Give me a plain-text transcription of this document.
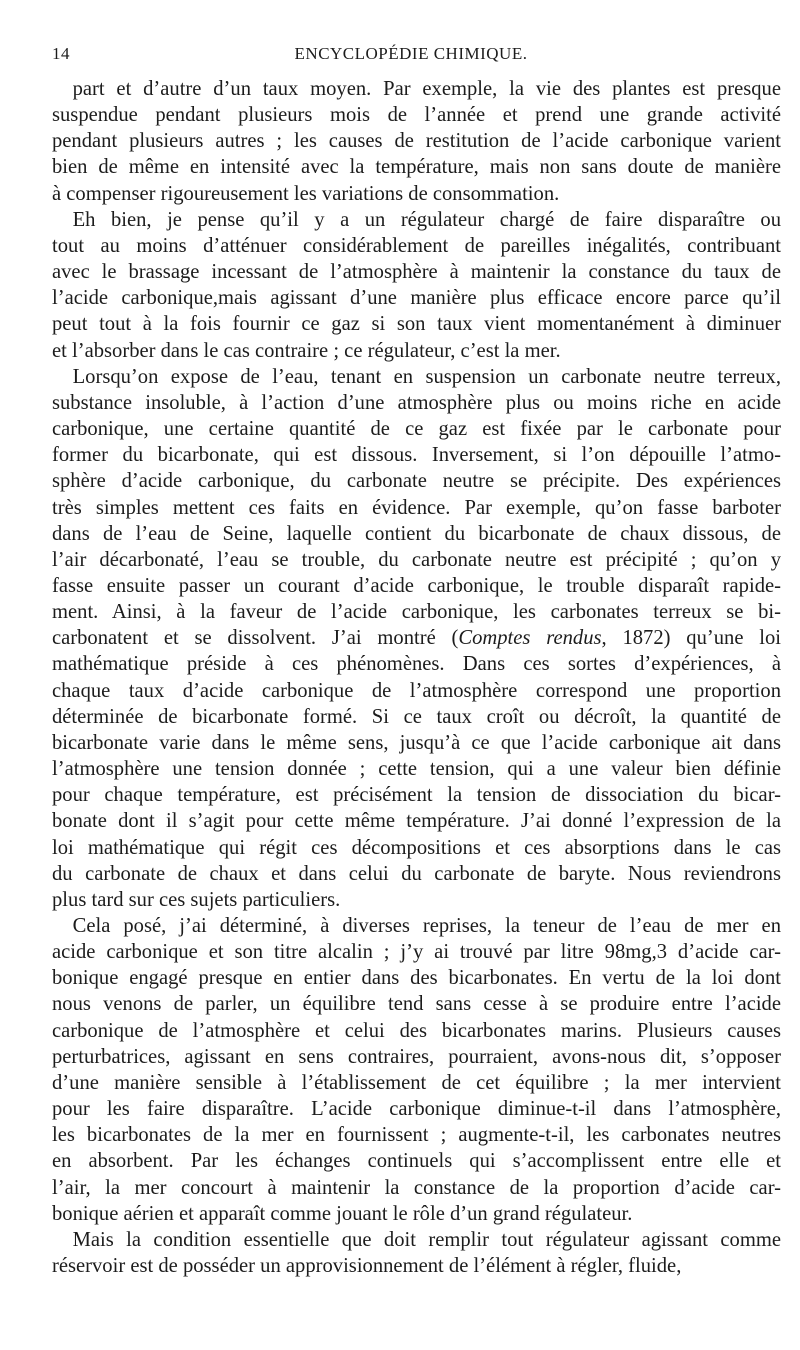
14	ENCYCLOPÉDIE CHIMIQUE.

part et d’autre d’un taux moyen. Par exemple, la vie des plantes est presque
suspendue pendant plusieurs mois de l’année et prend une grande activité
pendant plusieurs autres ; les causes de restitution de l’acide carbonique varient
bien de même en intensité avec la température, mais non sans doute de manière
à compenser rigoureusement les variations de consommation.

Eh bien, je pense qu’il y a un régulateur chargé de faire disparaître ou
tout au moins d’atténuer considérablement de pareilles inégalités, contribuant
avec le brassage incessant de l’atmosphère à maintenir la constance du taux de
l’acide carbonique,mais agissant d’une manière plus efficace encore parce qu’il
peut tout à la fois fournir ce gaz si son taux vient momentanément à diminuer
et l’absorber dans le cas contraire ; ce régulateur, c’est la mer.

Lorsqu’on expose de l’eau, tenant en suspension un carbonate neutre terreux,
substance insoluble, à l’action d’une atmosphère plus ou moins riche en acide
carbonique, une certaine quantité de ce gaz est fixée par le carbonate pour
former du bicarbonate, qui est dissous. Inversement, si l’on dépouille l’atmo-
sphère d’acide carbonique, du carbonate neutre se précipite. Des expériences
très simples mettent ces faits en évidence. Par exemple, qu’on fasse barboter
dans de l’eau de Seine, laquelle contient du bicarbonate de chaux dissous, de
l’air décarbonaté, l’eau se trouble, du carbonate neutre est précipité ; qu’on y
fasse ensuite passer un courant d’acide carbonique, le trouble disparaît rapide-
ment. Ainsi, à la faveur de l’acide carbonique, les carbonates terreux se bi-
carbonatent et se dissolvent. J’ai montré (Comptes rendus, 1872) qu’une loi
mathématique préside à ces phénomènes. Dans ces sortes d’expériences, à
chaque taux d’acide carbonique de l’atmosphère correspond une proportion
déterminée de bicarbonate formé. Si ce taux croît ou décroît, la quantité de
bicarbonate varie dans le même sens, jusqu’à ce que l’acide carbonique ait dans
l’atmosphère une tension donnée ; cette tension, qui a une valeur bien définie
pour chaque température, est précisément la tension de dissociation du bicar-
bonate dont il s’agit pour cette même température. J’ai donné l’expression de la
loi mathématique qui régit ces décompositions et ces absorptions dans le cas
du carbonate de chaux et dans celui du carbonate de baryte. Nous reviendrons
plus tard sur ces sujets particuliers.

Cela posé, j’ai déterminé, à diverses reprises, la teneur de l’eau de mer en
acide carbonique et son titre alcalin ; j’y ai trouvé par litre 98mg,3 d’acide car-
bonique engagé presque en entier dans des bicarbonates. En vertu de la loi dont
nous venons de parler, un équilibre tend sans cesse à se produire entre l’acide
carbonique de l’atmosphère et celui des bicarbonates marins. Plusieurs causes
perturbatrices, agissant en sens contraires, pourraient, avons-nous dit, s’opposer
d’une manière sensible à l’établissement de cet équilibre ; la mer intervient
pour les faire disparaître. L’acide carbonique diminue-t-il dans l’atmosphère,
les bicarbonates de la mer en fournissent ; augmente-t-il, les carbonates neutres
en absorbent. Par les échanges continuels qui s’accomplissent entre elle et
l’air, la mer concourt à maintenir la constance de la proportion d’acide car-
bonique aérien et apparaît comme jouant le rôle d’un grand régulateur.

Mais la condition essentielle que doit remplir tout régulateur agissant comme
réservoir est de posséder un approvisionnement de l’élément à régler, fluide,
